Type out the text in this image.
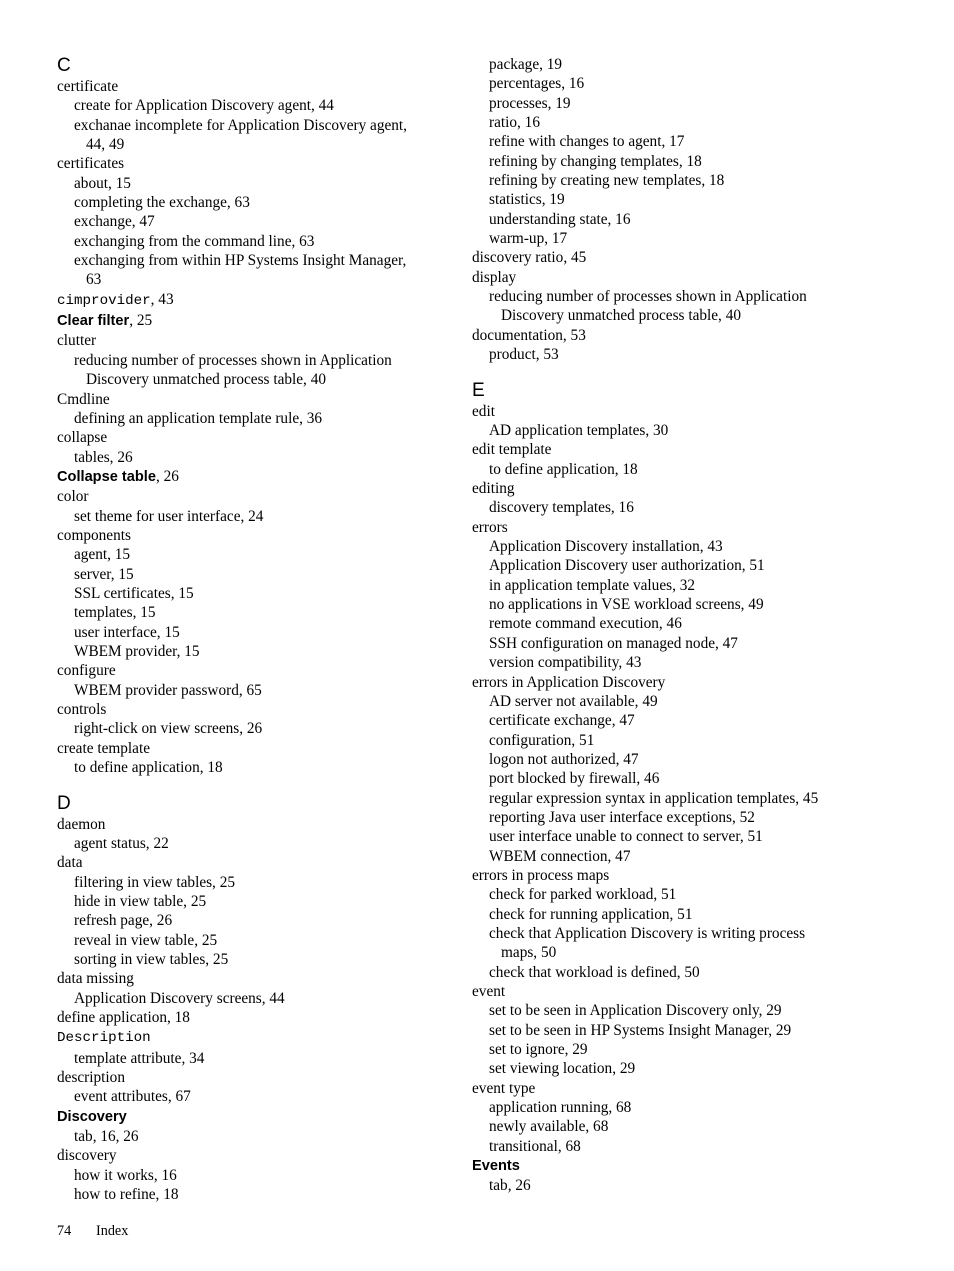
C
certificate
create for Application Discovery agent, 44
exchanae incomplete for Application Discovery agent,
44, 49
certificates
about, 15
completing the exchange, 63
exchange, 47
exchanging from the command line, 63
exchanging from within HP Systems Insight Manager,
63
cimprovider, 43
Clear filter, 25
clutter
reducing number of processes shown in Application
Discovery unmatched process table, 40
Cmdline
defining an application template rule, 36
collapse
tables, 26
Collapse table, 26
color
set theme for user interface, 24
components
agent, 15
server, 15
SSL certificates, 15
templates, 15
user interface, 15
WBEM provider, 15
configure
WBEM provider password, 65
controls
right-click on view screens, 26
create template
to define application, 18
D
daemon
agent status, 22
data
filtering in view tables, 25
hide in view table, 25
refresh page, 26
reveal in view table, 25
sorting in view tables, 25
data missing
Application Discovery screens, 44
define application, 18
Description
template attribute, 34
description
event attributes, 67
Discovery
tab, 16, 26
discovery
how it works, 16
how to refine, 18
package, 19
percentages, 16
processes, 19
ratio, 16
refine with changes to agent, 17
refining by changing templates, 18
refining by creating new templates, 18
statistics, 19
understanding state, 16
warm-up, 17
discovery ratio, 45
display
reducing number of processes shown in Application
Discovery unmatched process table, 40
documentation, 53
product, 53
E
edit
AD application templates, 30
edit template
to define application, 18
editing
discovery templates, 16
errors
Application Discovery installation, 43
Application Discovery user authorization, 51
in application template values, 32
no applications in VSE workload screens, 49
remote command execution, 46
SSH configuration on managed node, 47
version compatibility, 43
errors in Application Discovery
AD server not available, 49
certificate exchange, 47
configuration, 51
logon not authorized, 47
port blocked by firewall, 46
regular expression syntax in application templates, 45
reporting Java user interface exceptions, 52
user interface unable to connect to server, 51
WBEM connection, 47
errors in process maps
check for parked workload, 51
check for running application, 51
check that Application Discovery is writing process
maps, 50
check that workload is defined, 50
event
set to be seen in Application Discovery only, 29
set to be seen in HP Systems Insight Manager, 29
set to ignore, 29
set viewing location, 29
event type
application running, 68
newly available, 68
transitional, 68
Events
tab, 26
74 Index
